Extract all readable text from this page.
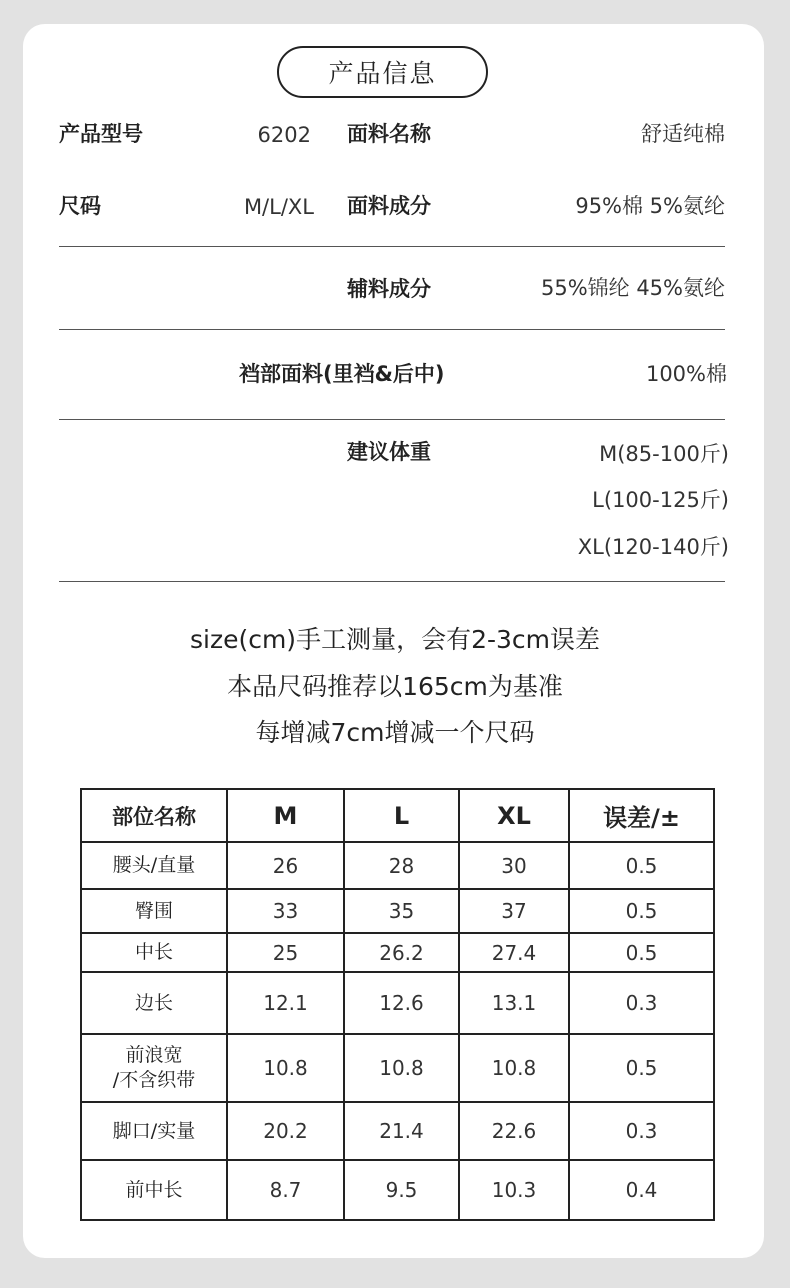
产品信息
产品型号	6202 面料名称	舒适纯棉
尺码	M/L/XL 面料成分	95%棉 5%氨纶
辅料成分	55%锦纶 45%氨纶
裆部面料(里裆&后中)	100%棉
建议体重	M(85-100斤)
L(100-125斤)
XL(120-140斤)
size(cm)手工测量，会有2-3cm误差
本品尺码推荐以165cm为基准
每增减7cm增减一个尺码
部位名称	M	L	XL	误差/±
腰头/直量	26	28	30	0.5
臀围	33	35	37	0.5
中长	25	26.2	27.4	0.5
边长	12.1	12.6	13.1	0.3
前浪宽
/不含织带	10.8	10.8	10.8	0.5
脚口/实量	20.2	21.4	22.6	0.3
前中长	8.7	9.5	10.3	0.4
